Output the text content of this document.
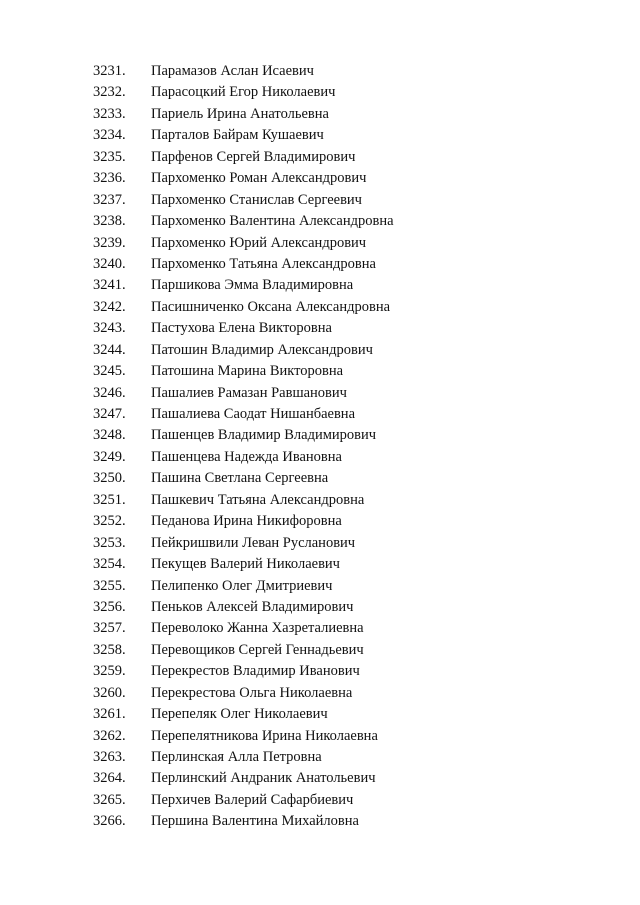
3231.	Парамазов Аслан Исаевич
3232.	Парасоцкий Егор Николаевич
3233.	Париель Ирина Анатольевна
3234.	Парталов Байрам Кушаевич
3235.	Парфенов Сергей Владимирович
3236.	Пархоменко Роман Александрович
3237.	Пархоменко Станислав Сергеевич
3238.	Пархоменко Валентина Александровна
3239.	Пархоменко Юрий Александрович
3240.	Пархоменко Татьяна Александровна
3241.	Паршикова Эмма Владимировна
3242.	Пасишниченко Оксана Александровна
3243.	Пастухова Елена Викторовна
3244.	Патошин Владимир Александрович
3245.	Патошина Марина Викторовна
3246.	Пашалиев Рамазан Равшанович
3247.	Пашалиева Саодат Нишанбаевна
3248.	Пашенцев Владимир Владимирович
3249.	Пашенцева Надежда Ивановна
3250.	Пашина Светлана Сергеевна
3251.	Пашкевич Татьяна Александровна
3252.	Педанова Ирина Никифоровна
3253.	Пейкришвили Леван Русланович
3254.	Пекущев Валерий Николаевич
3255.	Пелипенко Олег Дмитриевич
3256.	Пеньков Алексей Владимирович
3257.	Переволоко Жанна Хазреталиевна
3258.	Перевощиков Сергей Геннадьевич
3259.	Перекрестов Владимир Иванович
3260.	Перекрестова Ольга Николаевна
3261.	Перепеляк Олег Николаевич
3262.	Перепелятникова Ирина Николаевна
3263.	Перлинская Алла Петровна
3264.	Перлинский Андраник Анатольевич
3265.	Перхичев Валерий Сафарбиевич
3266.	Першина Валентина Михайловна
